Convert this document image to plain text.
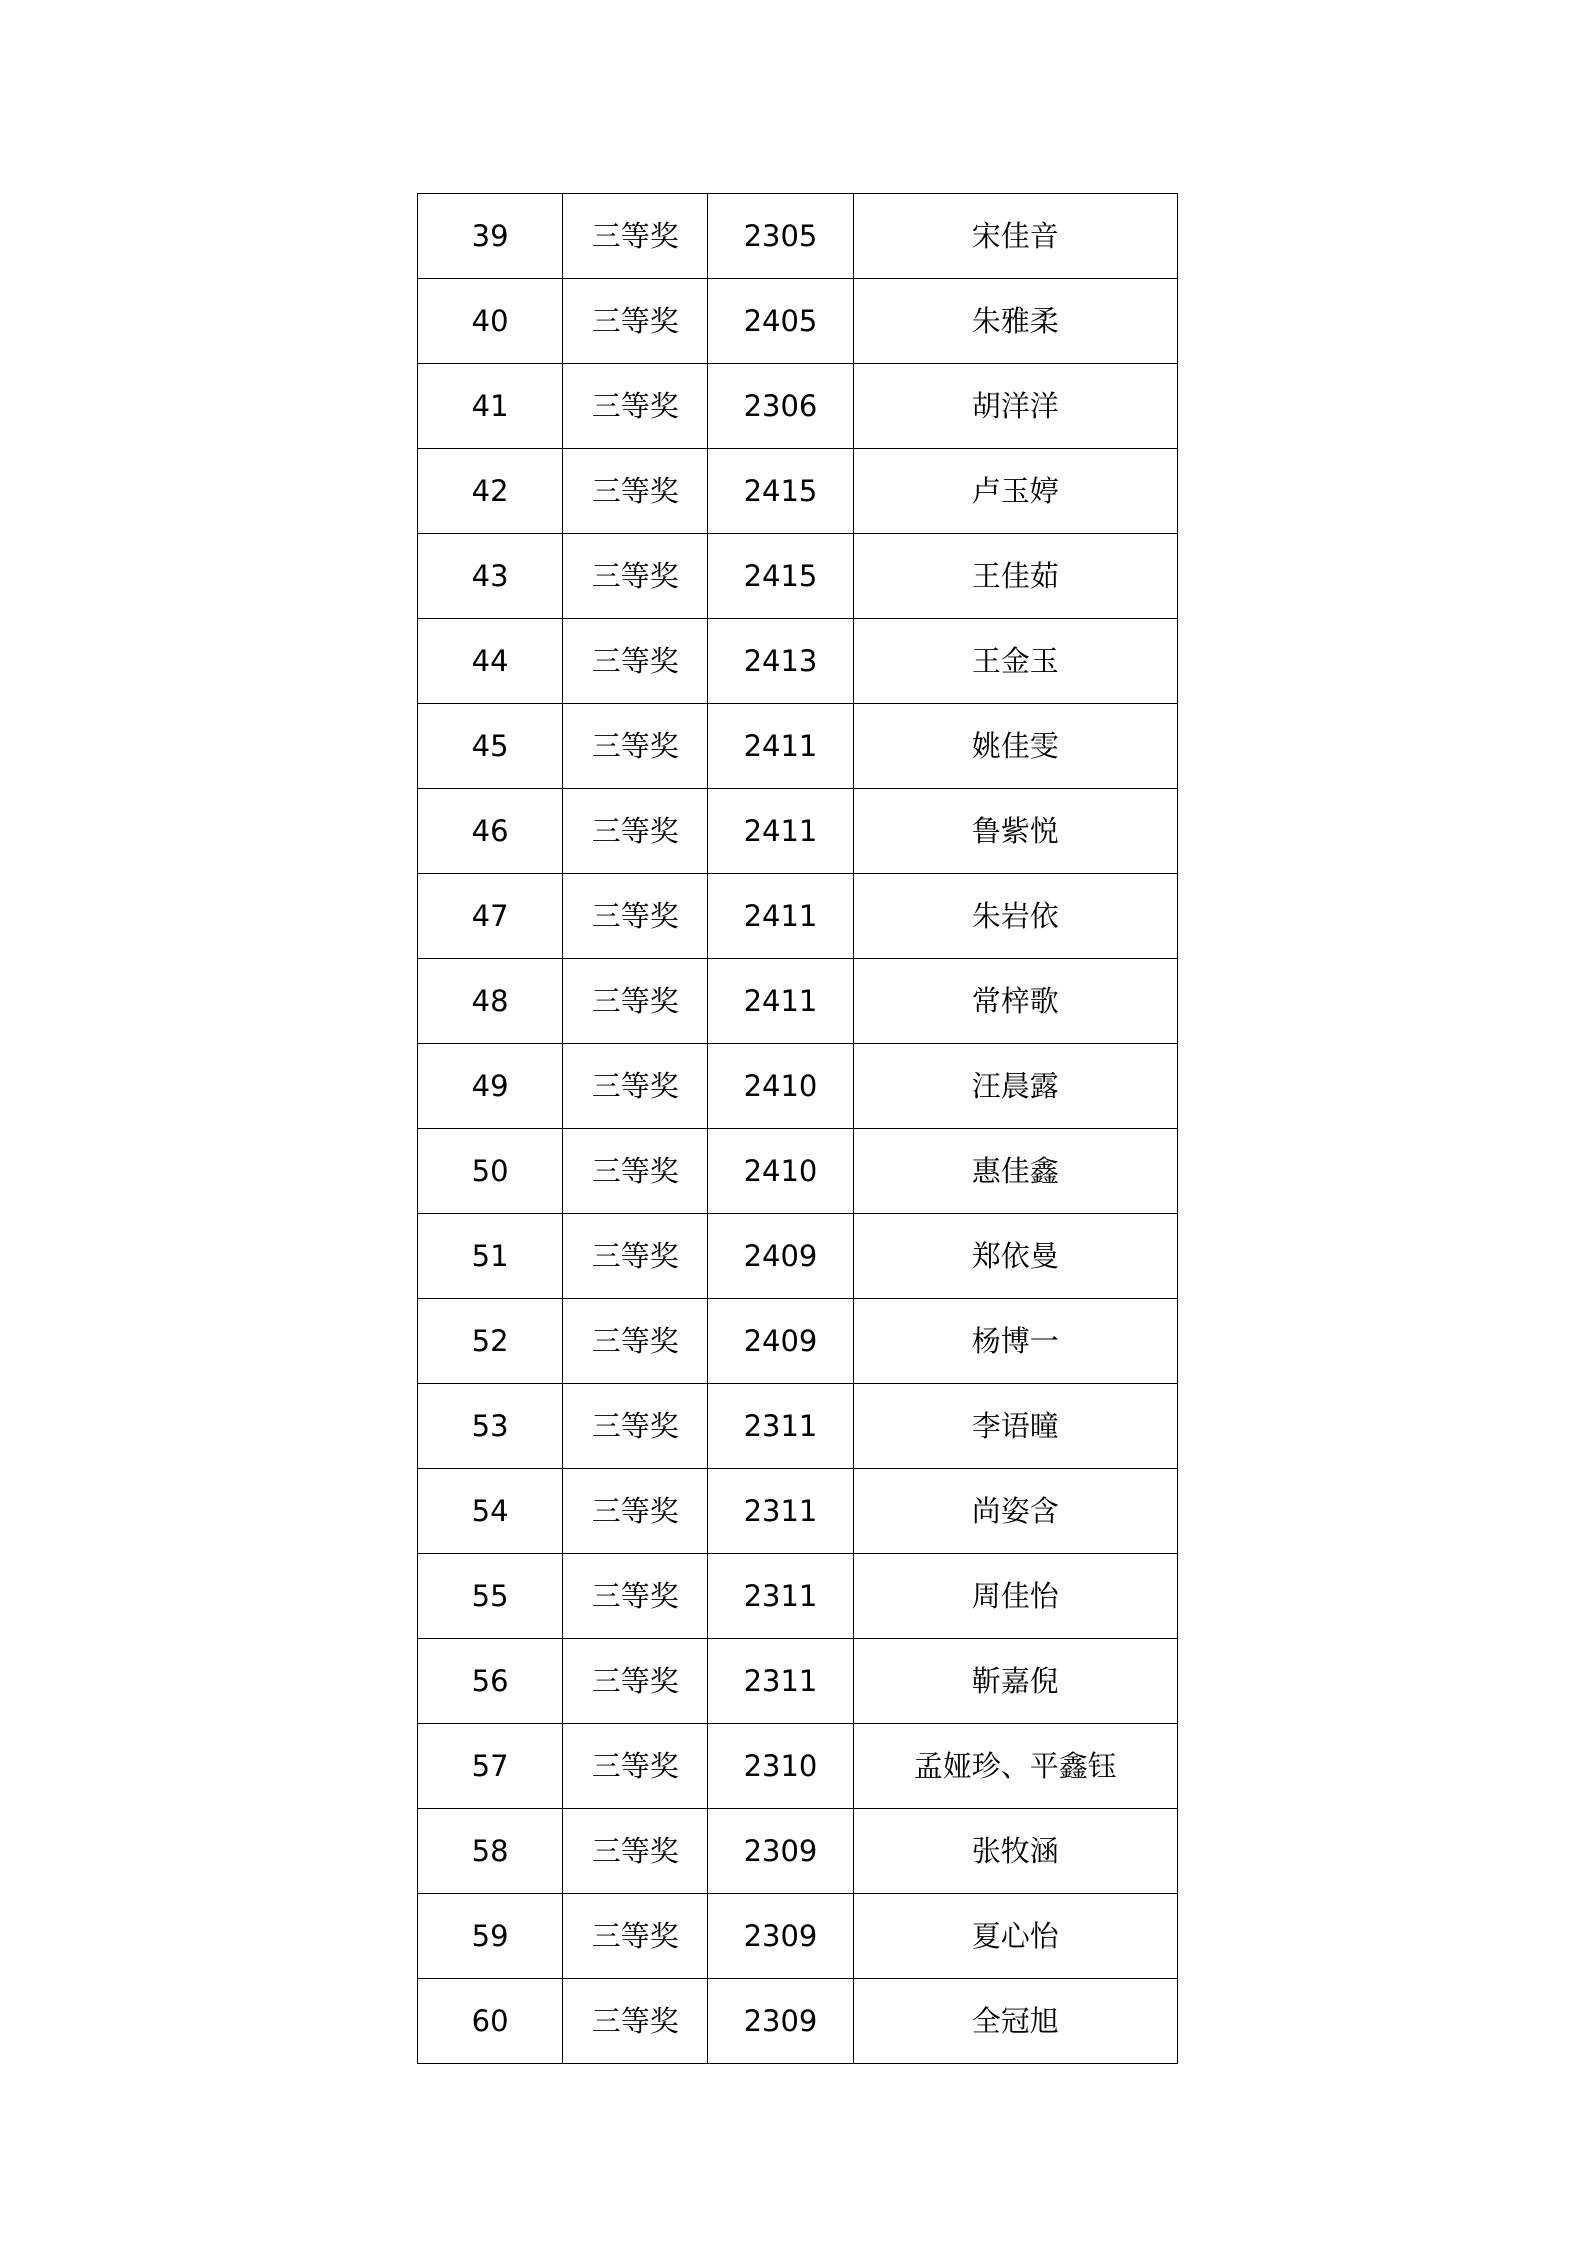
39	三等奖	2305	宋佳音
40	三等奖	2405	朱雅柔
41	三等奖	2306	胡洋洋
42	三等奖	2415	卢玉婷
43	三等奖	2415	王佳茹
44	三等奖	2413	王金玉
45	三等奖	2411	姚佳雯
46	三等奖	2411	鲁紫悦
47	三等奖	2411	朱岩依
48	三等奖	2411	常梓歌
49	三等奖	2410	汪晨露
50	三等奖	2410	惠佳鑫
51	三等奖	2409	郑依曼
52	三等奖	2409	杨博一
53	三等奖	2311	李语曈
54	三等奖	2311	尚姿含
55	三等奖	2311	周佳怡
56	三等奖	2311	靳嘉倪
57	三等奖	2310	孟娅珍、平鑫钰
58	三等奖	2309	张牧涵
59	三等奖	2309	夏心怡
60	三等奖	2309	全冠旭
